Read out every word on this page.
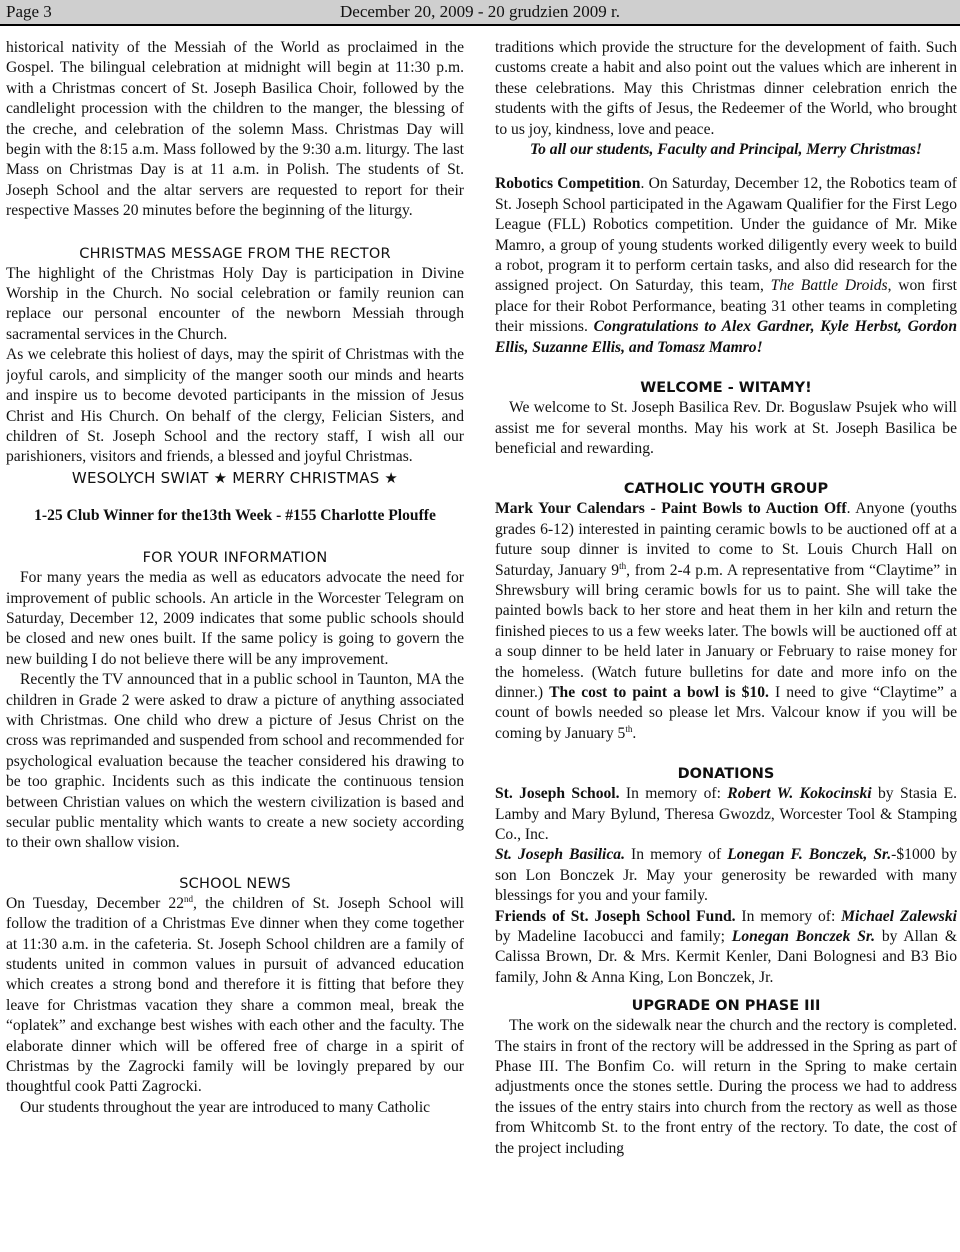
Page 3	December 20, 2009 - 20 grudzien 2009 r.

historical nativity of the Messiah of the World as proclaimed in the Gospel. The bilingual celebration at midnight will begin at 11:30 p.m. with a Christmas concert of St. Joseph Basilica Choir, followed by the candlelight procession with the children to the manger, the blessing of the creche, and celebration of the solemn Mass. Christmas Day will begin with the 8:15 a.m. Mass followed by the 9:30 a.m. liturgy. The last Mass on Christmas Day is at 11 a.m. in Polish. The students of St. Joseph School and the altar servers are requested to report for their respective Masses 20 minutes before the beginning of the liturgy.

CHRISTMAS MESSAGE FROM THE RECTOR

The highlight of the Christmas Holy Day is participation in Divine Worship in the Church. No social celebration or family reunion can replace our personal encounter of the newborn Messiah through sacramental services in the Church.

As we celebrate this holiest of days, may the spirit of Christmas with the joyful carols, and simplicity of the manger sooth our minds and hearts and inspire us to become devoted participants in the mission of Jesus Christ and His Church. On behalf of the clergy, Felician Sisters, and children of St. Joseph School and the rectory staff, I wish all our parishioners, visitors and friends, a blessed and joyful Christmas.

WESOLYCH SWIAT ★ MERRY CHRISTMAS ★
1-25 Club Winner for the13th Week - #155 Charlotte Plouffe
FOR YOUR INFORMATION

For many years the media as well as educators advocate the need for improvement of public schools. An article in the Worcester Telegram on Saturday, December 12, 2009 indicates that some public schools should be closed and new ones built. If the same policy is going to govern the new building I do not believe there will be any improvement.

Recently the TV announced that in a public school in Taunton, MA the children in Grade 2 were asked to draw a picture of anything associated with Christmas. One child who drew a picture of Jesus Christ on the cross was reprimanded and suspended from school and recommended for psychological evaluation because the teacher considered his drawing to be too graphic. Incidents such as this indicate the continuous tension between Christian values on which the western civilization is based and secular public mentality which wants to create a new society according to their own shallow vision.

SCHOOL NEWS

On Tuesday, December 22nd, the children of St. Joseph School will follow the tradition of a Christmas Eve dinner when they come together at 11:30 a.m. in the cafeteria. St. Joseph School children are a family of students united in common values in pursuit of advanced education which creates a strong bond and therefore it is fitting that before they leave for Christmas vacation they share a common meal, break the “oplatek” and exchange best wishes with each other and the faculty. The elaborate dinner which will be offered free of charge in a spirit of Christmas by the Zagrocki family will be lovingly prepared by our thoughtful cook Patti Zagrocki.

Our students throughout the year are introduced to many Catholic

traditions which provide the structure for the development of faith. Such customs create a habit and also point out the values which are inherent in these celebrations. May this Christmas dinner celebration enrich the students with the gifts of Jesus, the Redeemer of the World, who brought to us joy, kindness, love and peace.

To all our students, Faculty and Principal, Merry Christmas!

Robotics Competition. On Saturday, December 12, the Robotics team of St. Joseph School participated in the Agawam Qualifier for the First Lego League (FLL) Robotics competition. Under the guidance of Mr. Mike Mamro, a group of young students worked diligently every week to build a robot, program it to perform certain tasks, and also did research for the assigned project. On Saturday, this team, The Battle Droids, won first place for their Robot Performance, beating 31 other teams in completing their missions. Congratulations to Alex Gardner, Kyle Herbst, Gordon Ellis, Suzanne Ellis, and Tomasz Mamro!

WELCOME - WITAMY!

We welcome to St. Joseph Basilica Rev. Dr. Boguslaw Psujek who will assist me for several months. May his work at St. Joseph Basilica be beneficial and rewarding.

CATHOLIC YOUTH GROUP

Mark Your Calendars - Paint Bowls to Auction Off. Anyone (youths grades 6-12) interested in painting ceramic bowls to be auctioned off at a future soup dinner is invited to come to St. Louis Church Hall on Saturday, January 9th, from 2-4 p.m. A representative from “Claytime” in Shrewsbury will bring ceramic bowls for us to paint. She will take the painted bowls back to her store and heat them in her kiln and return the finished pieces to us a few weeks later. The bowls will be auctioned off at a soup dinner to be held later in January or February to raise money for the homeless. (Watch future bulletins for date and more info on the dinner.) The cost to paint a bowl is $10. I need to give “Claytime” a count of bowls needed so please let Mrs. Valcour know if you will be coming by January 5th.

DONATIONS

St. Joseph School. In memory of: Robert W. Kokocinski by Stasia E. Lamby and Mary Bylund, Theresa Gwozdz, Worcester Tool & Stamping Co., Inc.

St. Joseph Basilica. In memory of Lonegan F. Bonczek, Sr.-$1000 by son Lon Bonczek Jr. May your generosity be rewarded with many blessings for you and your family.

Friends of St. Joseph School Fund. In memory of: Michael Zalewski by Madeline Iacobucci and family; Lonegan Bonczek Sr. by Allan & Calissa Brown, Dr. & Mrs. Kermit Kenler, Dani Bolognesi and B3 Bio family, John & Anna King, Lon Bonczek, Jr.

UPGRADE ON PHASE III

The work on the sidewalk near the church and the rectory is completed. The stairs in front of the rectory will be addressed in the Spring as part of Phase III. The Bonfim Co. will return in the Spring to make certain adjustments once the stones settle. During the process we had to address the issues of the entry stairs into church from the rectory as well as those from Whitcomb St. to the front entry of the rectory. To date, the cost of the project including
